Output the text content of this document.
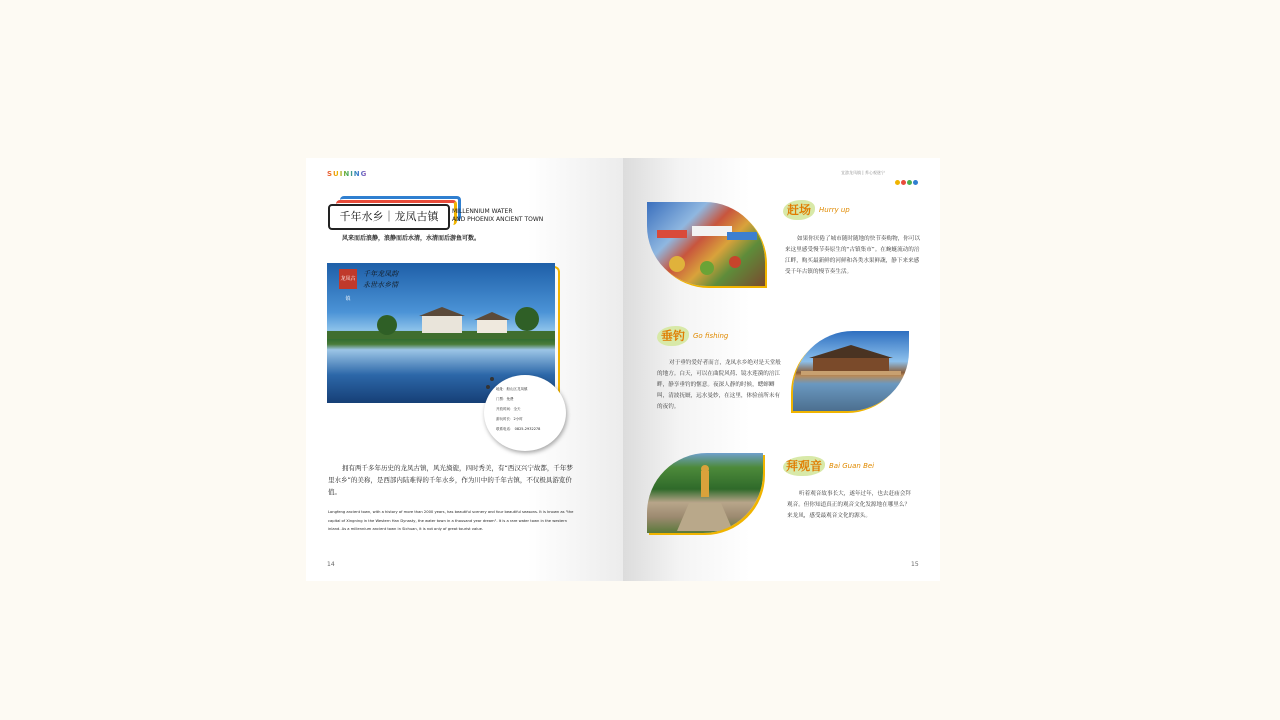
SUINING
千年水乡｜龙凤古镇	MILLENNIUM WATER
AND PHOENIX ANCIENT TOWN
风来而后浪静，浪静而后水清，水清而后游鱼可数。
龙凤古镇
千年龙凤韵
永世水乡情
地址：船山区龙凤镇
门票：免费
开放时间：全天
游玩时长：2小时
联系电话： 0825-2932278
拥有两千多年历史的龙凤古镇，风光旖旎，四时秀美，有“西汉兴宁故都，千年梦里水乡”的美称，是西部内陆难得的千年水乡，作为川中的千年古镇，不仅极具游览价值。
Longfeng ancient town, with a history of more than 2000 years, has beautiful scenery and four beautiful seasons. It is known as "the capital of Xingning in the Western Han Dynasty, the water town in a thousand year dream". It is a rare water town in the western inland. As a millennium ancient town in Sichuan, it is not only of great tourist value.
14
宜游龙凤镇 | 养心观遂宁
赶场	Hurry up
如果你厌倦了城市随时随地的快节奏购物，你可以来这里感受慢节奏原生的“古镇集市”。在蜿蜒流动的涪江畔，购买最新鲜的河鲜和各类水果鲜蔬，静下来来感受千年古镇的慢节奏生活。
垂钓	Go fishing
对于垂钓爱好者而言，龙凤水乡绝对是天堂般的地方。白天，可以在曲院风荷、镜水莲漪的涪江畔，静享垂钓的惬意。夜深人静的时候，蟋蟀鲫叫，清波抚厩，远水曼妙，在这里，体验前所未有的夜钓。
拜观音	Bai Guan Bei
听着观音故事长大，遂年过年，也去赶庙会拜观音。但你知道真正的观音文化发源地在哪里么？来龙凤，感受最观音文化的源头。
15
